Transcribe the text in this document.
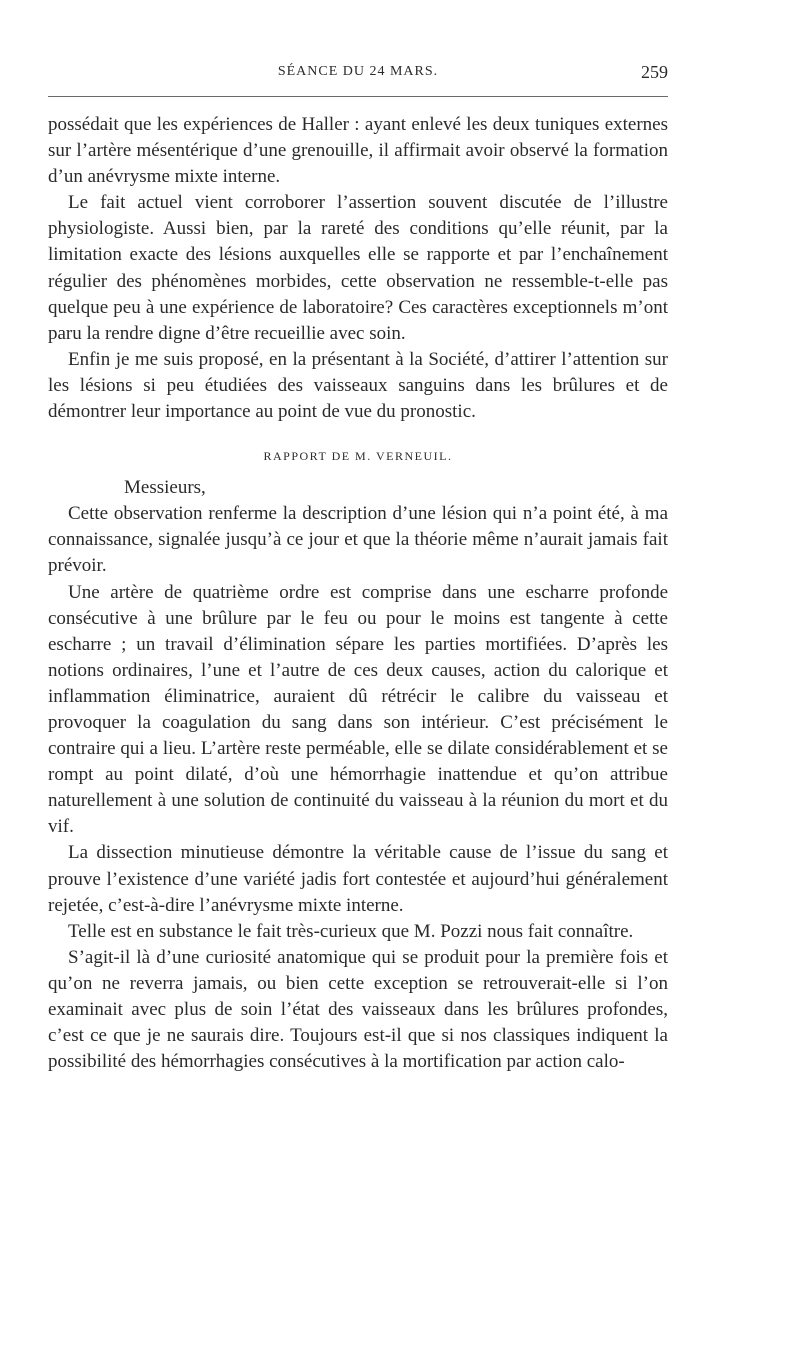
SÉANCE DU 24 MARS.	259

possédait que les expériences de Haller : ayant enlevé les deux tuniques externes sur l’artère mésentérique d’une grenouille, il affirmait avoir observé la formation d’un anévrysme mixte interne.

Le fait actuel vient corroborer l’assertion souvent discutée de l’illustre physiologiste. Aussi bien, par la rareté des conditions qu’elle réunit, par la limitation exacte des lésions auxquelles elle se rapporte et par l’enchaînement régulier des phénomènes morbides, cette observation ne ressemble-t-elle pas quelque peu à une expérience de laboratoire? Ces caractères exceptionnels m’ont paru la rendre digne d’être recueillie avec soin.

Enfin je me suis proposé, en la présentant à la Société, d’attirer l’attention sur les lésions si peu étudiées des vaisseaux sanguins dans les brûlures et de démontrer leur importance au point de vue du pronostic.

RAPPORT DE M. VERNEUIL.

Messieurs,

Cette observation renferme la description d’une lésion qui n’a point été, à ma connaissance, signalée jusqu’à ce jour et que la théorie même n’aurait jamais fait prévoir.

Une artère de quatrième ordre est comprise dans une escharre profonde consécutive à une brûlure par le feu ou pour le moins est tangente à cette escharre ; un travail d’élimination sépare les parties mortifiées. D’après les notions ordinaires, l’une et l’autre de ces deux causes, action du calorique et inflammation éliminatrice, auraient dû rétrécir le calibre du vaisseau et provoquer la coagulation du sang dans son intérieur. C’est précisément le contraire qui a lieu. L’artère reste perméable, elle se dilate considérablement et se rompt au point dilaté, d’où une hémorrhagie inattendue et qu’on attribue naturellement à une solution de continuité du vaisseau à la réunion du mort et du vif.

La dissection minutieuse démontre la véritable cause de l’issue du sang et prouve l’existence d’une variété jadis fort contestée et aujourd’hui généralement rejetée, c’est-à-dire l’anévrysme mixte interne.

Telle est en substance le fait très-curieux que M. Pozzi nous fait connaître.

S’agit-il là d’une curiosité anatomique qui se produit pour la première fois et qu’on ne reverra jamais, ou bien cette exception se retrouverait-elle si l’on examinait avec plus de soin l’état des vaisseaux dans les brûlures profondes, c’est ce que je ne saurais dire. Toujours est-il que si nos classiques indiquent la possibilité des hémorrhagies consécutives à la mortification par action calo-
